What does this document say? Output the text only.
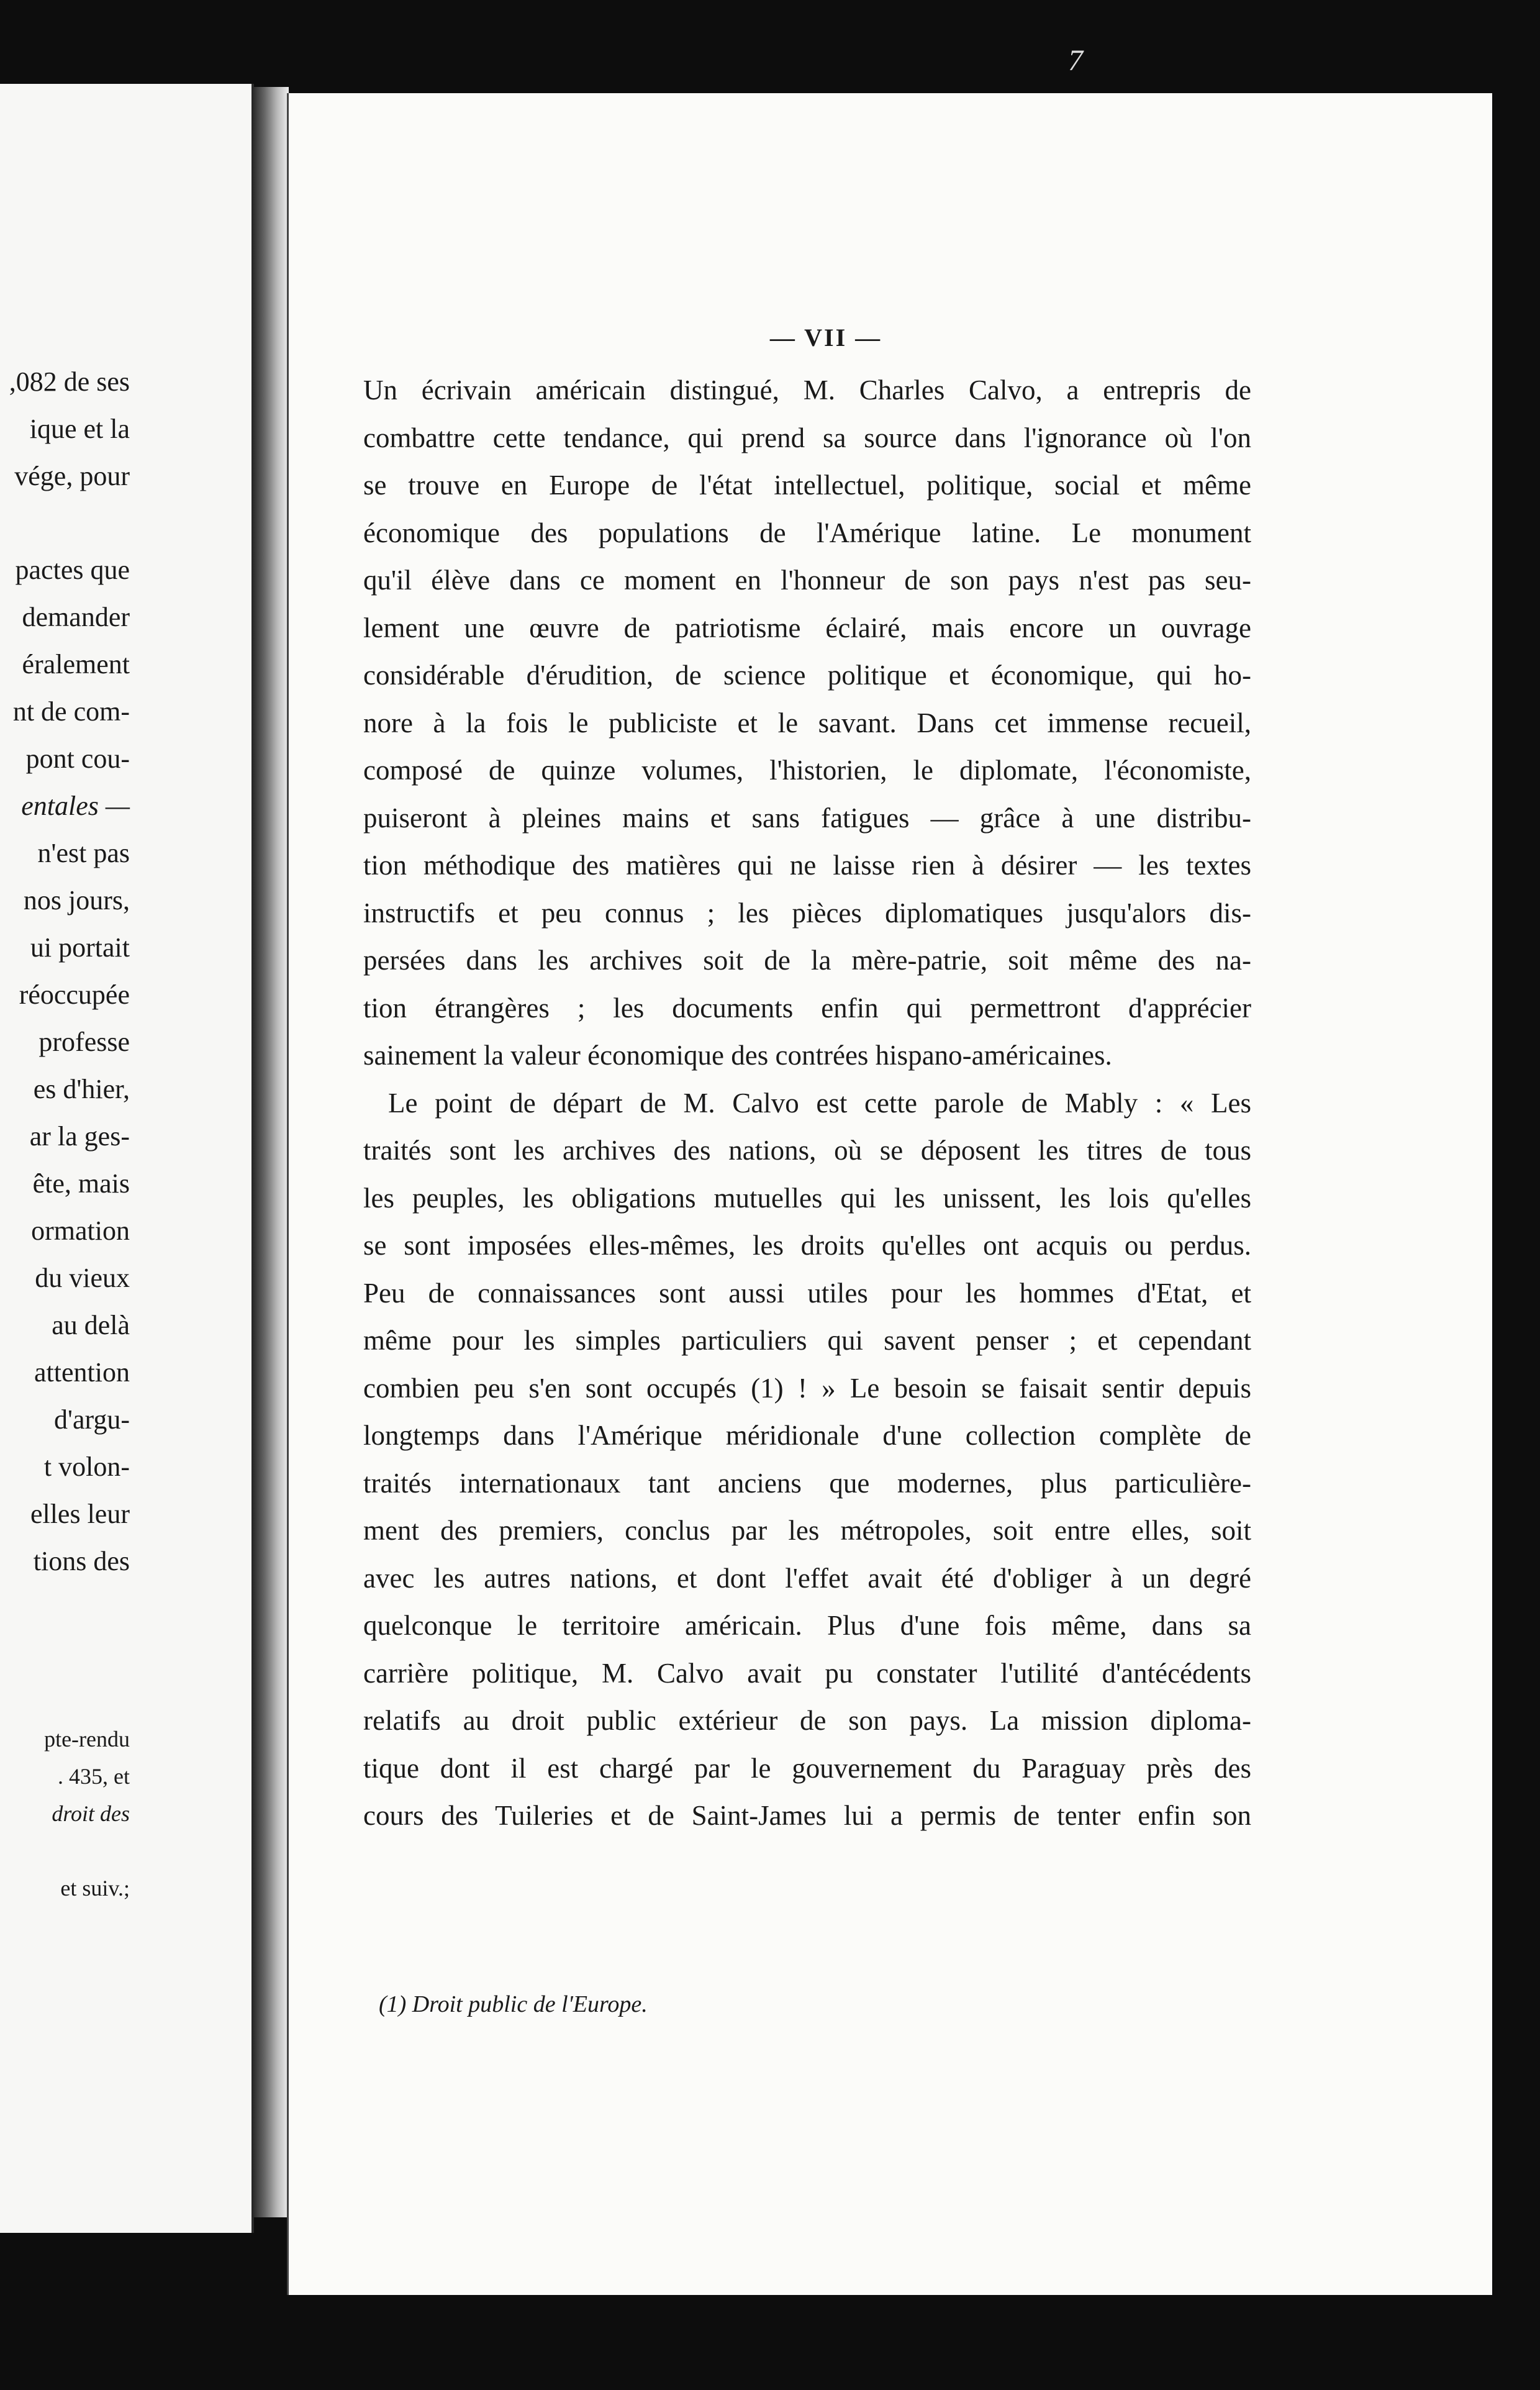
,082 de ses
ique et la
vége, pour
pactes que
demander
éralement
nt de com-
pont cou-
entales —
n'est pas
nos jours,
ui portait
réoccupée
professe
es d'hier,
ar la ges-
ête, mais
ormation
du vieux
au delà
attention
d'argu-
t volon-
elles leur
tions des
pte-rendu
. 435, et
droit des
et suiv.;
7
— VII —
Un écrivain américain distingué, M. Charles Calvo, a entrepris de
combattre cette tendance, qui prend sa source dans l'ignorance où l'on
se trouve en Europe de l'état intellectuel, politique, social et même
économique des populations de l'Amérique latine. Le monument
qu'il élève dans ce moment en l'honneur de son pays n'est pas seu-
lement une œuvre de patriotisme éclairé, mais encore un ouvrage
considérable d'érudition, de science politique et économique, qui ho-
nore à la fois le publiciste et le savant. Dans cet immense recueil,
composé de quinze volumes, l'historien, le diplomate, l'économiste,
puiseront à pleines mains et sans fatigues — grâce à une distribu-
tion méthodique des matières qui ne laisse rien à désirer — les textes
instructifs et peu connus ; les pièces diplomatiques jusqu'alors dis-
persées dans les archives soit de la mère-patrie, soit même des na-
tion étrangères ; les documents enfin qui permettront d'apprécier
sainement la valeur économique des contrées hispano-américaines.
Le point de départ de M. Calvo est cette parole de Mably : « Les
traités sont les archives des nations, où se déposent les titres de tous
les peuples, les obligations mutuelles qui les unissent, les lois qu'elles
se sont imposées elles-mêmes, les droits qu'elles ont acquis ou perdus.
Peu de connaissances sont aussi utiles pour les hommes d'Etat, et
même pour les simples particuliers qui savent penser ; et cependant
combien peu s'en sont occupés (1) ! » Le besoin se faisait sentir depuis
longtemps dans l'Amérique méridionale d'une collection complète de
traités internationaux tant anciens que modernes, plus particulière-
ment des premiers, conclus par les métropoles, soit entre elles, soit
avec les autres nations, et dont l'effet avait été d'obliger à un degré
quelconque le territoire américain. Plus d'une fois même, dans sa
carrière politique, M. Calvo avait pu constater l'utilité d'antécédents
relatifs au droit public extérieur de son pays. La mission diploma-
tique dont il est chargé par le gouvernement du Paraguay près des
cours des Tuileries et de Saint-James lui a permis de tenter enfin son
(1) Droit public de l'Europe.
